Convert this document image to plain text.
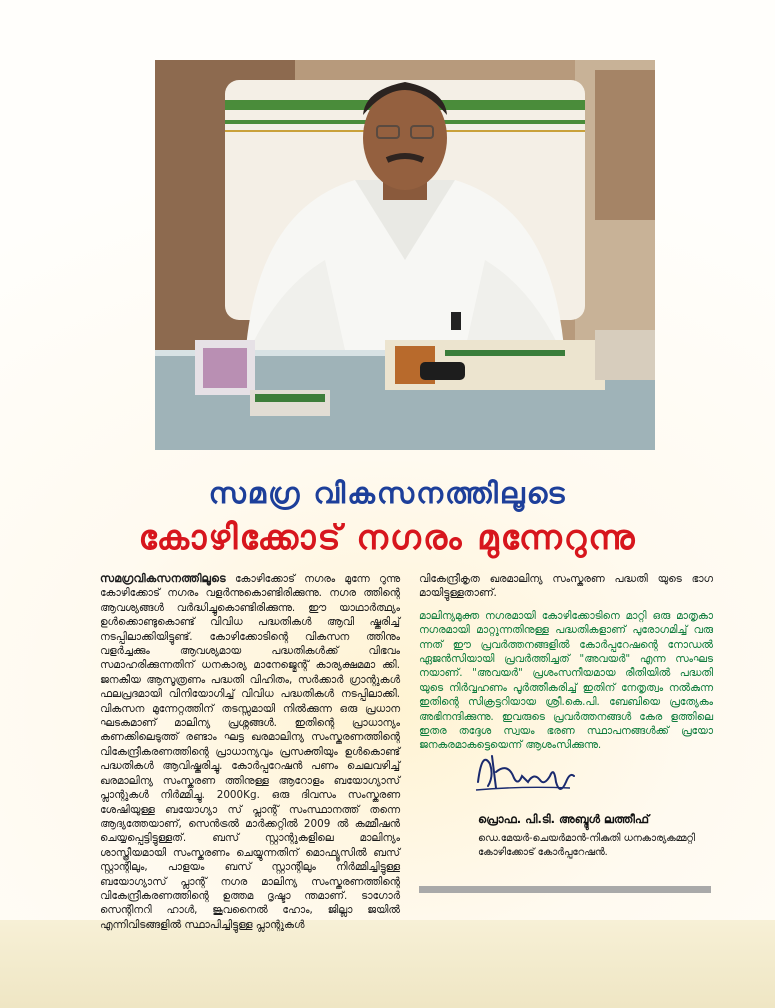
സമഗ്ര വികസനത്തിലൂടെ
കോഴിക്കോട് നഗരം മുന്നേറുന്നു
സമഗ്രവികസനത്തിലൂടെ കോഴിക്കോട് നഗരം മുന്നേ റുന്നു കോഴിക്കോട് നഗരം വളർന്നുകൊണ്ടിരിക്കുന്നു. നഗര ത്തിന്റെ ആവശ്യങ്ങൾ വർദ്ധിച്ചുകൊണ്ടിരിക്കുന്നു. ഈ യാഥാർത്ഥ്യം ഉൾക്കൊണ്ടുകൊണ്ട് വിവിധ പദ്ധതികൾ ആവി ഷ്കരിച്ച് നടപ്പിലാക്കിയിട്ടുണ്ട്. കോഴിക്കോടിന്റെ വികസന ത്തിനും വളർച്ചക്കും ആവശ്യമായ പദ്ധതികൾക്ക് വിഭവം സമാഹരിക്കുന്നതിന് ധനകാര്യ മാനേജ്മെന്റ് കാര്യക്ഷമമാ ക്കി. ജനകീയ ആസൂത്രണം പദ്ധതി വിഹിതം, സർക്കാർ ഗ്രാന്റുകൾ ഫലപ്രദമായി വിനിയോഗിച്ച് വിവിധ പദ്ധതികൾ നടപ്പിലാക്കി. വികസന മുന്നേറ്റത്തിന് തടസ്സമായി നിൽക്കുന്ന ഒരു പ്രധാന ഘടകമാണ് മാലിന്യ പ്രശ്നങ്ങൾ. ഇതിന്റെ പ്രാധാന്യം കണക്കിലെടുത്ത് രണ്ടാം ഘട്ട ഖരമാലിന്യ സംസ്കരണത്തിന്റെ വികേന്ദ്രീകരണത്തിന്റെ പ്രാധാന്യവും പ്രസക്തിയും ഉൾകൊണ്ട് പദ്ധതികൾ ആവിഷ്കരിച്ചു. കോർപ്പറേഷൻ പണം ചെലവഴിച്ച് ഖരമാലിന്യ സംസ്കരണ ത്തിനുള്ള ആറോളം ബയോഗ്യാസ് പ്ലാന്റുകൾ നിർമ്മിച്ചു. 2000Kg. ഒരു ദിവസം സംസ്കരണ ശേഷിയുള്ള ബയോഗ്യാ സ് പ്ലാന്റ് സംസ്ഥാനത്ത് തന്നെ ആദ്യത്തേയാണ്, സെൻട്രൽ മാർക്കറ്റിൽ 2009 ൽ കമ്മീഷൻ ചെയ്യപ്പെട്ടിട്ടുള്ളത്. ബസ് സ്റ്റാന്റുകളിലെ മാലിന്യം ശാസ്ത്രീയമായി സംസ്കരണം ചെയ്യുന്നതിന് മൊഫ്യൂസിൽ ബസ് സ്റ്റാന്റിലും, പാളയം ബസ് സ്റ്റാന്റിലും നിർമ്മിച്ചിട്ടുള്ള ബയോഗ്യാസ് പ്ലാന്റ് നഗര മാലിന്യ സംസ്കരണത്തിന്റെ വികേന്ദ്രീകരണത്തിന്റെ ഉത്തമ ദൃഷ്ടാ ന്തമാണ്. ടാഗോർ സെന്റിനറി ഹാൾ, ജൂവനൈൽ ഹോം, ജില്ലാ ജയിൽ എന്നിവിടങ്ങളിൽ സ്ഥാപിച്ചിട്ടുള്ള പ്ലാന്റുകൾ

വികേന്ദ്രീകൃത ഖരമാലിന്യ സംസ്കരണ പദ്ധതി യുടെ ഭാഗ മായിട്ടുള്ളതാണ്.

മാലിന്യമുക്ത നഗരമായി കോഴിക്കോടിനെ മാറ്റി ഒരു മാതൃകാ നഗരമായി മാറ്റുന്നതിനുള്ള പദ്ധതികളാണ് പുരോഗമിച്ച് വരു ന്നത് ഈ പ്രവർത്തനങ്ങളിൽ കോർപ്പറേഷന്റെ നോഡൽ ഏജൻസിയായി പ്രവർത്തിച്ചത് "അവയർ" എന്ന സംഘട നയാണ്. "അവയർ" പ്രശംസനീയമായ രീതിയിൽ പദ്ധതി യുടെ നിർവ്വഹണം പൂർത്തീകരിച്ച് ഇതിന് നേതൃത്വം നൽകുന്ന ഇതിന്റെ സിക്രട്ടറിയായ ശ്രീ.കെ.പി. ബേബിയെ പ്രത്യേകം അഭിനന്ദിക്കുന്നു. ഇവരുടെ പ്രവർത്തനങ്ങൾ കേര ളത്തിലെ ഇതര തദ്ദേശ സ്വയം ഭരണ സ്ഥാപനങ്ങൾക്ക് പ്രയോ ജനകരമാകട്ടെയെന്ന് ആശംസിക്കുന്നു.

പ്രൊഫ. പി.ടി. അബ്ദുൾ ലത്തീഫ്
ഡെ.മേയർ-ചെയർമാൻ-നികുതി ധനകാര്യകമ്മറ്റി
കോഴിക്കോട് കോർപ്പറേഷൻ.
